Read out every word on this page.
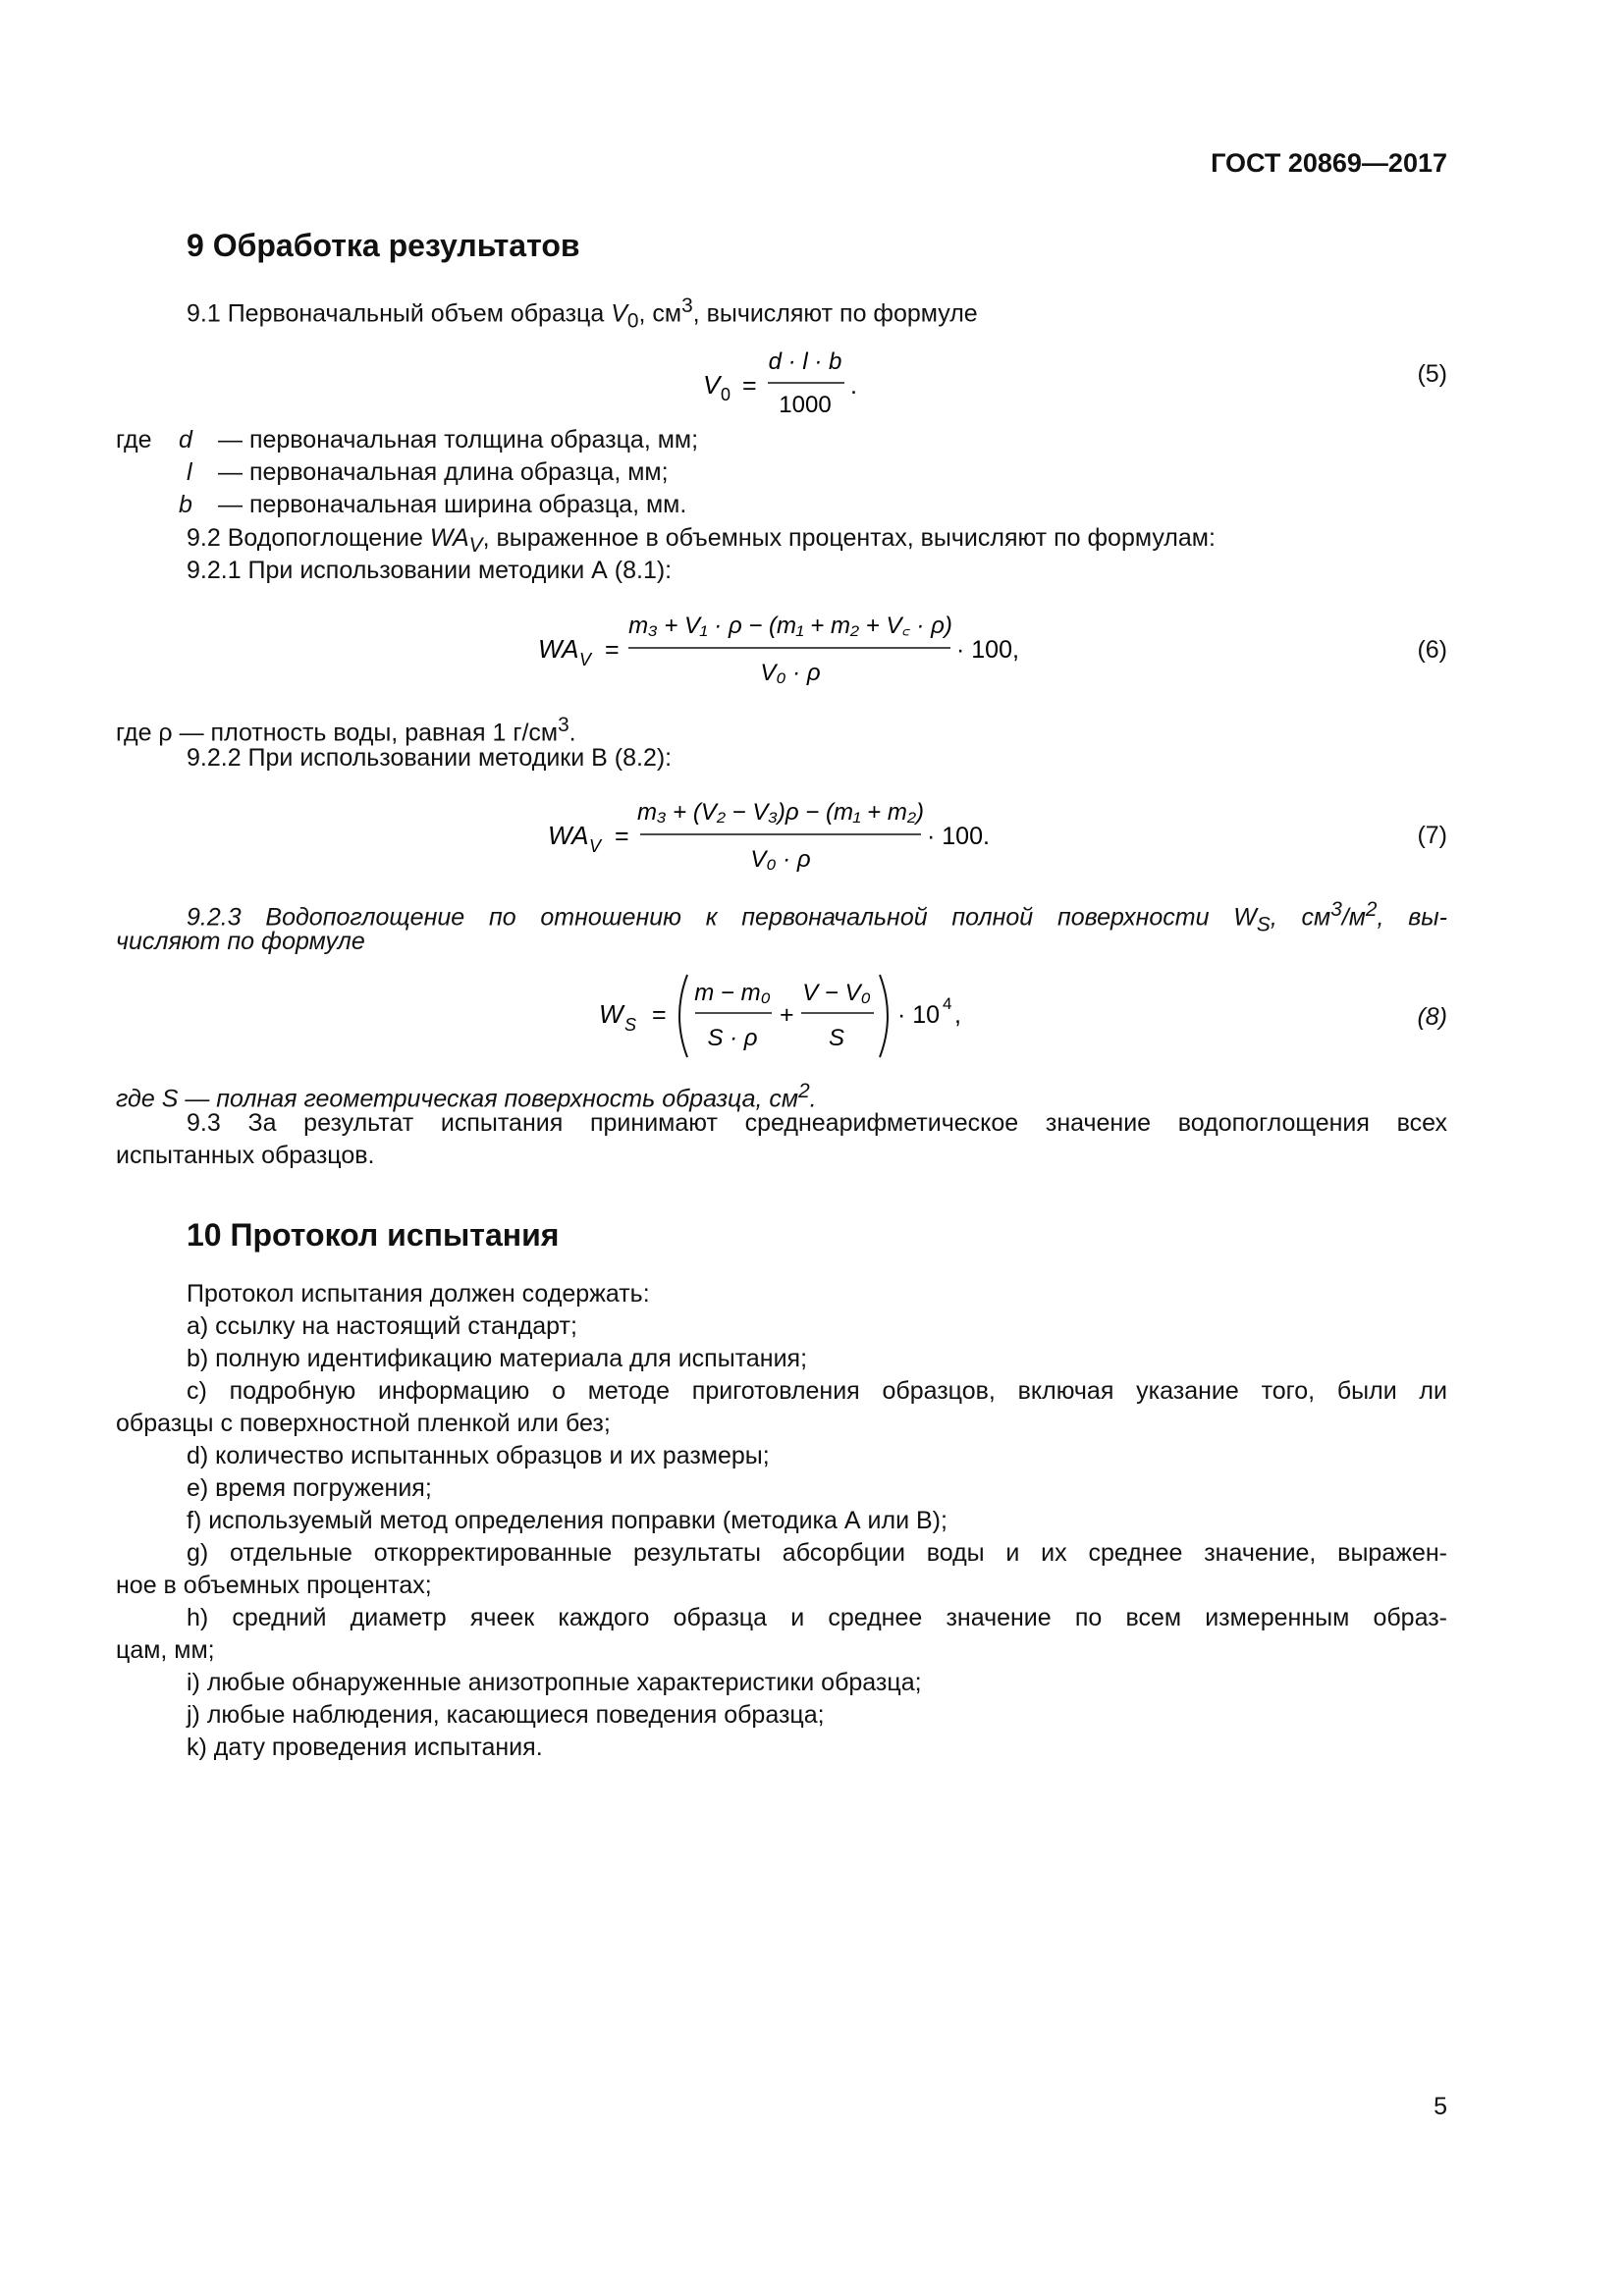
ГОСТ 20869—2017
9 Обработка результатов
9.1 Первоначальный объем образца $V_0$, $см^3$, вычисляют по формуле
V 0 =
d · l · b
1000
.	(5)
где d — первоначальная толщина образца, мм;
l — первоначальная длина образца, мм;
b — первоначальная ширина образца, мм.
9.2 Водопоглощение $WA_V$, выраженное в объемных процентах, вычисляют по формулам:
9.2.1 При использовании методики А (8.1):
WA V =
m₃ + V₁ · ρ − (m₁ + m₂ + V꜀ · ρ)
V₀ · ρ
· 100,	(6)
где ρ — плотность воды, равная 1 $г/см^3$.
9.2.2 При использовании методики В (8.2):
WA V =
m₃ + (V₂ − V₃)ρ − (m₁ + m₂)
V₀ · ρ
· 100.	(7)
9.2.3 Водопоглощение по отношению к первоначальной полной поверхности $W_S$, $см^3/м^2$, вы-
числяют по формуле
W S =
m − m₀
S · ρ
+
V − V₀
S
· 10 4 ,	(8)
где S — полная геометрическая поверхность образца, $см^2$.
9.3 За результат испытания принимают среднеарифметическое значение водопоглощения всех
испытанных образцов.
10 Протокол испытания
Протокол испытания должен содержать:
a) ссылку на настоящий стандарт;
b) полную идентификацию материала для испытания;
c) подробную информацию о методе приготовления образцов, включая указание того, были ли
образцы с поверхностной пленкой или без;
d) количество испытанных образцов и их размеры;
e) время погружения;
f) используемый метод определения поправки (методика А или В);
g) отдельные откорректированные результаты абсорбции воды и их среднее значение, выражен-
ное в объемных процентах;
h) средний диаметр ячеек каждого образца и среднее значение по всем измеренным образ-
цам, мм;
i) любые обнаруженные анизотропные характеристики образца;
j) любые наблюдения, касающиеся поведения образца;
k) дату проведения испытания.
5
